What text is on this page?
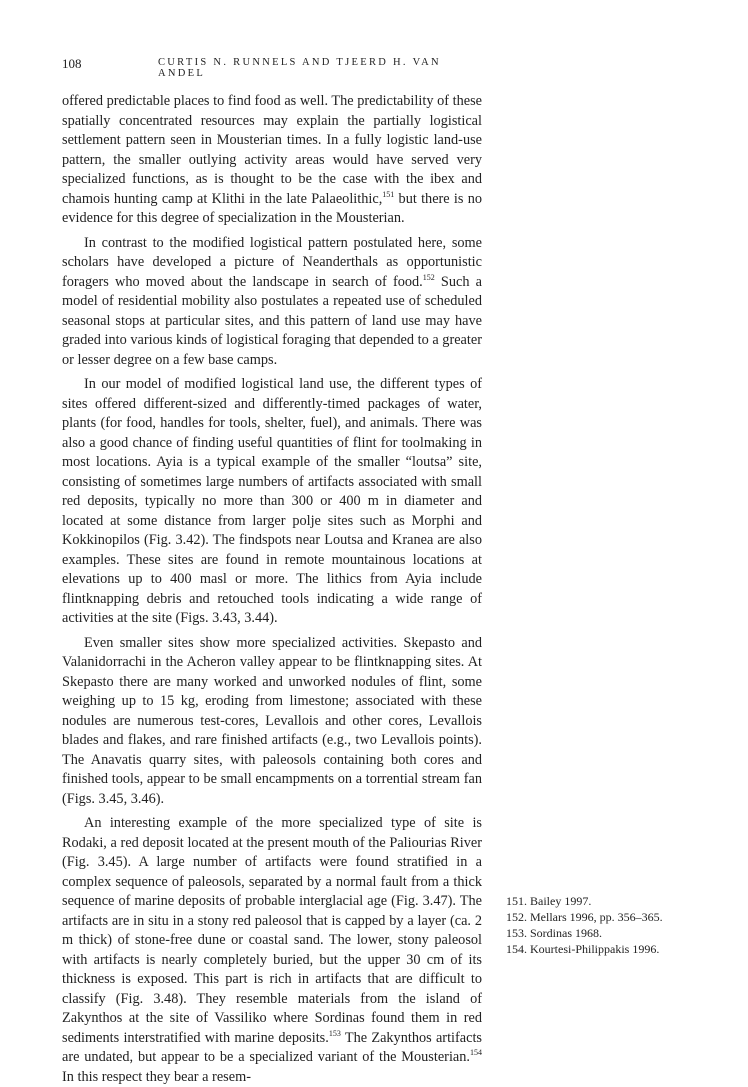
108	CURTIS N. RUNNELS AND TJEERD H. VAN ANDEL

offered predictable places to find food as well. The predictability of these spatially concentrated resources may explain the partially logistical settlement pattern seen in Mousterian times. In a fully logistic land-use pattern, the smaller outlying activity areas would have served very specialized functions, as is thought to be the case with the ibex and chamois hunting camp at Klithi in the late Palaeolithic,$^{151}$ but there is no evidence for this degree of specialization in the Mousterian.

In contrast to the modified logistical pattern postulated here, some scholars have developed a picture of Neanderthals as opportunistic foragers who moved about the landscape in search of food.$^{152}$ Such a model of residential mobility also postulates a repeated use of scheduled seasonal stops at particular sites, and this pattern of land use may have graded into various kinds of logistical foraging that depended to a greater or lesser degree on a few base camps.

In our model of modified logistical land use, the different types of sites offered different-sized and differently-timed packages of water, plants (for food, handles for tools, shelter, fuel), and animals. There was also a good chance of finding useful quantities of flint for toolmaking in most locations. Ayia is a typical example of the smaller “loutsa” site, consisting of sometimes large numbers of artifacts associated with small red deposits, typically no more than 300 or 400 m in diameter and located at some distance from larger polje sites such as Morphi and Kokkinopilos (Fig. 3.42). The findspots near Loutsa and Kranea are also examples. These sites are found in remote mountainous locations at elevations up to 400 masl or more. The lithics from Ayia include flintknapping debris and retouched tools indicating a wide range of activities at the site (Figs. 3.43, 3.44).

Even smaller sites show more specialized activities. Skepasto and Valanidorrachi in the Acheron valley appear to be flintknapping sites. At Skepasto there are many worked and unworked nodules of flint, some weighing up to 15 kg, eroding from limestone; associated with these nodules are numerous test-cores, Levallois and other cores, Levallois blades and flakes, and rare finished artifacts (e.g., two Levallois points). The Anavatis quarry sites, with paleosols containing both cores and finished tools, appear to be small encampments on a torrential stream fan (Figs. 3.45, 3.46).

An interesting example of the more specialized type of site is Rodaki, a red deposit located at the present mouth of the Paliourias River (Fig. 3.45). A large number of artifacts were found stratified in a complex sequence of paleosols, separated by a normal fault from a thick sequence of marine deposits of probable interglacial age (Fig. 3.47). The artifacts are in situ in a stony red paleosol that is capped by a layer (ca. 2 m thick) of stone-free dune or coastal sand. The lower, stony paleosol with artifacts is nearly completely buried, but the upper 30 cm of its thickness is exposed. This part is rich in artifacts that are difficult to classify (Fig. 3.48). They resemble materials from the island of Zakynthos at the site of Vassiliko where Sordinas found them in red sediments interstratified with marine deposits.$^{153}$ The Zakynthos artifacts are undated, but appear to be a specialized variant of the Mousterian.$^{154}$ In this respect they bear a resem-

151. Bailey 1997.

152. Mellars 1996, pp. 356–365.

153. Sordinas 1968.

154. Kourtesi-Philippakis 1996.
